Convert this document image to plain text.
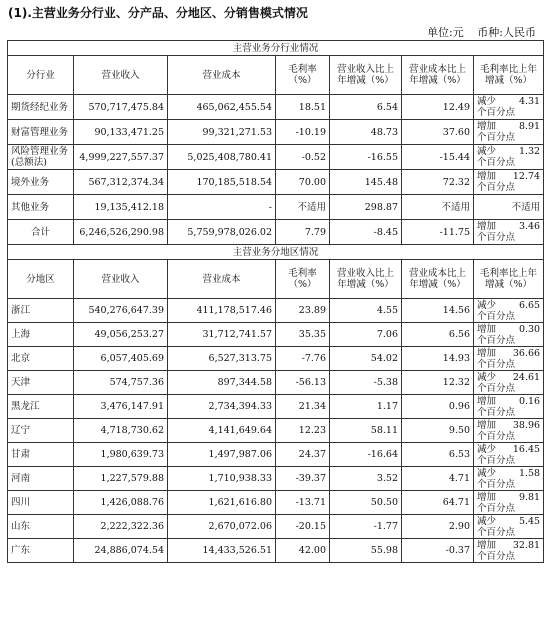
(1).主营业务分行业、分产品、分地区、分销售模式情况
单位:元 币种:人民币
主营业务分行业情况						
分行业	营业收入	营业成本	毛利率（%）	营业收入比上年增减（%）	营业成本比上年增减（%）	毛利率比上年增减（%）
期货经纪业务	570,717,475.84	465,062,455.54	18.51	6.54	12.49	减少 4.31
个百分点

财富管理业务	90,133,471.25	99,321,271.53	-10.19	48.73	37.60	增加 8.91
个百分点

风险管理业务(总额法)	4,999,227,557.37	5,025,408,780.41	-0.52	-16.55	-15.44	减少 1.32
个百分点

境外业务	567,312,374.34	170,185,518.54	70.00	145.48	72.32	增加 12.74
个百分点

其他业务	19,135,412.18	-	不适用	298.87	不适用	不适用
合计	6,246,526,290.98	5,759,978,026.02	7.79	-8.45	-11.75	增加 3.46
个百分点

主营业务分地区情况						
分地区	营业收入	营业成本	毛利率（%）	营业收入比上年增减（%）	营业成本比上年增减（%）	毛利率比上年增减（%）
浙江	540,276,647.39	411,178,517.46	23.89	4.55	14.56	减少 6.65
个百分点

上海	49,056,253.27	31,712,741.57	35.35	7.06	6.56	增加 0.30
个百分点

北京	6,057,405.69	6,527,313.75	-7.76	54.02	14.93	增加 36.66
个百分点

天津	574,757.36	897,344.58	-56.13	-5.38	12.32	减少 24.61
个百分点

黑龙江	3,476,147.91	2,734,394.33	21.34	1.17	0.96	增加 0.16
个百分点

辽宁	4,718,730.62	4,141,649.64	12.23	58.11	9.50	增加 38.96
个百分点

甘肃	1,980,639.73	1,497,987.06	24.37	-16.64	6.53	减少 16.45
个百分点

河南	1,227,579.88	1,710,938.33	-39.37	3.52	4.71	减少 1.58
个百分点

四川	1,426,088.76	1,621,616.80	-13.71	50.50	64.71	增加 9.81
个百分点

山东	2,222,322.36	2,670,072.06	-20.15	-1.77	2.90	减少 5.45
个百分点

广东	24,886,074.54	14,433,526.51	42.00	55.98	-0.37	增加 32.81
个百分点
